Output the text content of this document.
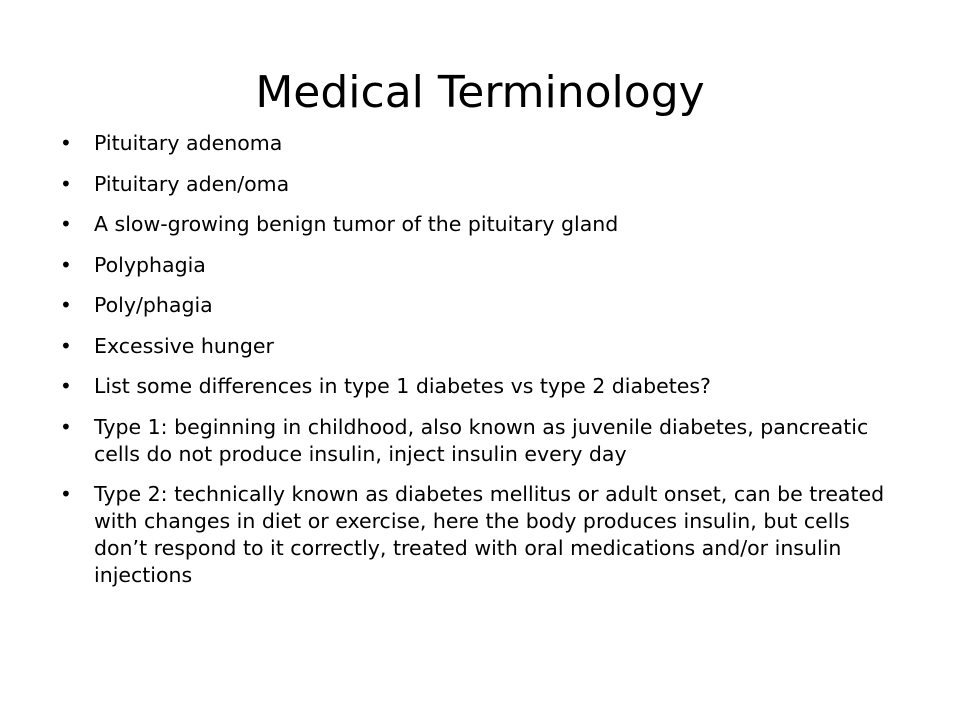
Medical Terminology
• Pituitary adenoma
• Pituitary aden/oma
• A slow-growing benign tumor of the pituitary gland
• Polyphagia
• Poly/phagia
• Excessive hunger
• List some differences in type 1 diabetes vs type 2 diabetes?
• Type 1: beginning in childhood, also known as juvenile diabetes, pancreatic cells do not produce insulin, inject insulin every day
• Type 2: technically known as diabetes mellitus or adult onset, can be treated with changes in diet or exercise, here the body produces insulin, but cells don’t respond to it correctly, treated with oral medications and/or insulin injections
